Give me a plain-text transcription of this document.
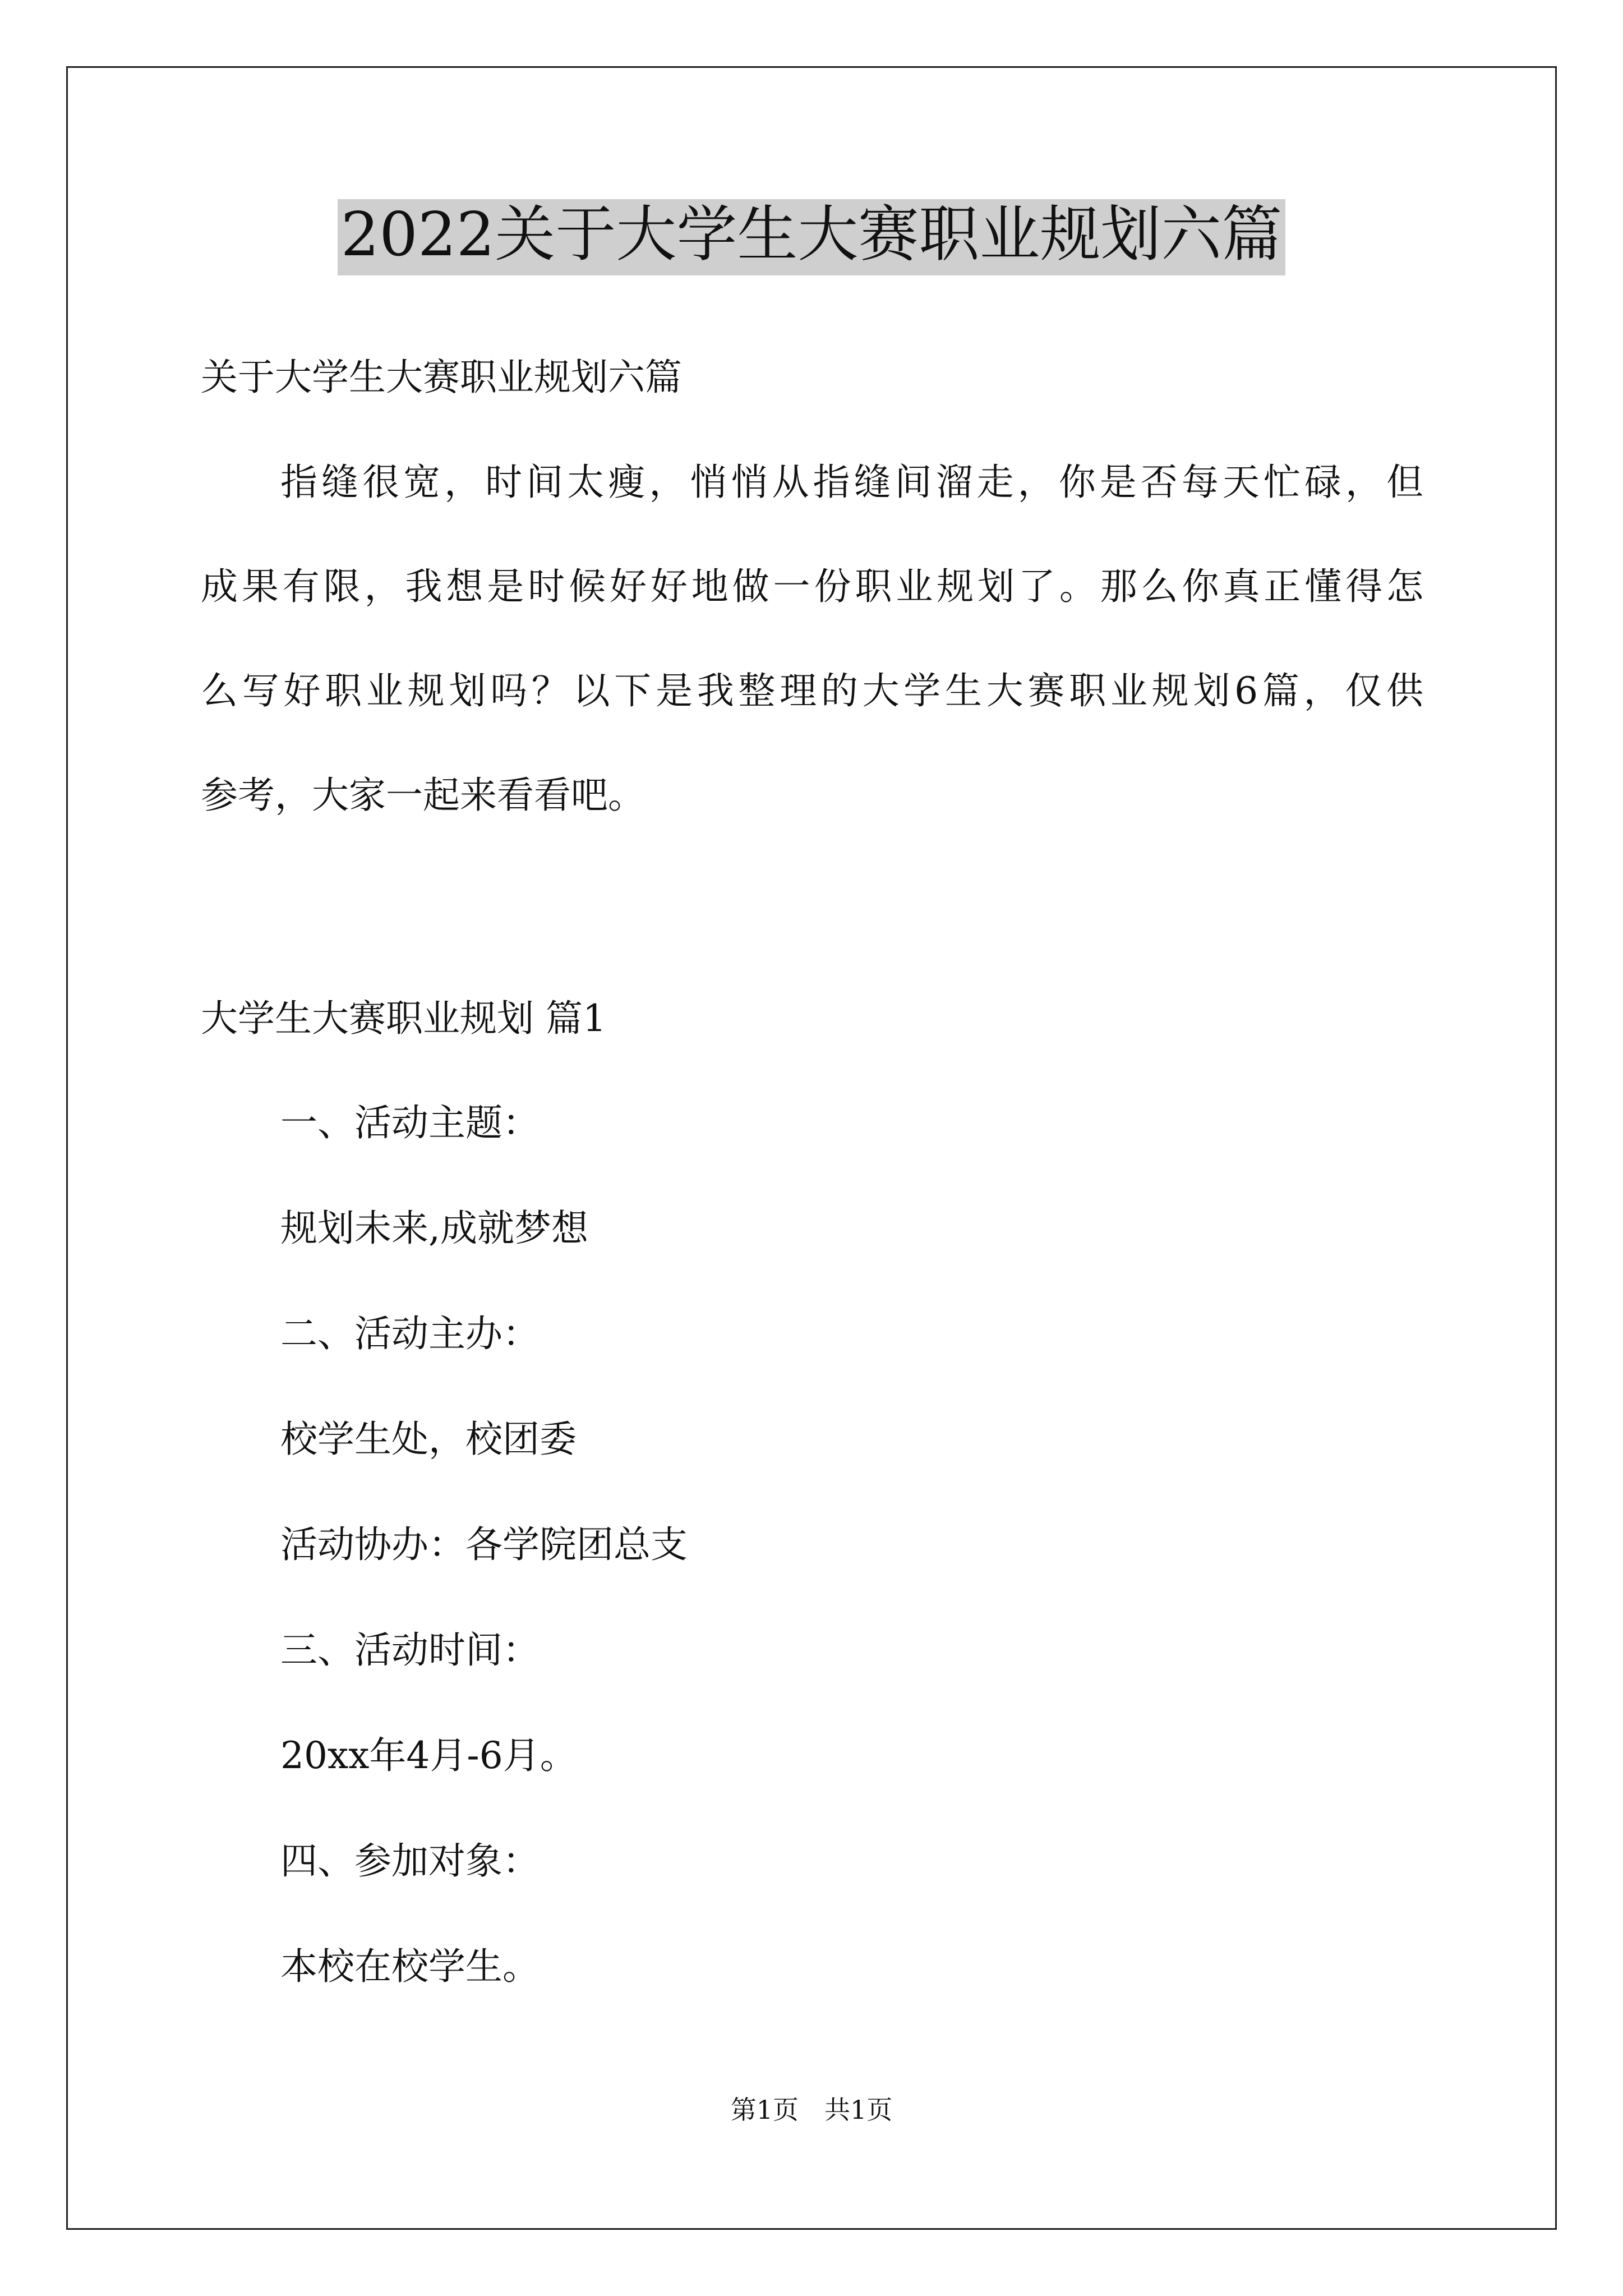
2022关于大学生大赛职业规划六篇

关于大学生大赛职业规划六篇

指缝很宽，时间太瘦，悄悄从指缝间溜走，你是否每天忙碌，但

成果有限，我想是时候好好地做一份职业规划了。那么你真正懂得怎

么写好职业规划吗？以下是我整理的大学生大赛职业规划6篇，仅供

参考，大家一起来看看吧。

大学生大赛职业规划 篇1

一、活动主题：

规划未来,成就梦想

二、活动主办：

校学生处，校团委

活动协办：各学院团总支

三、活动时间：

20xx年4月-6月。

四、参加对象：

本校在校学生。

第1页　共1页
